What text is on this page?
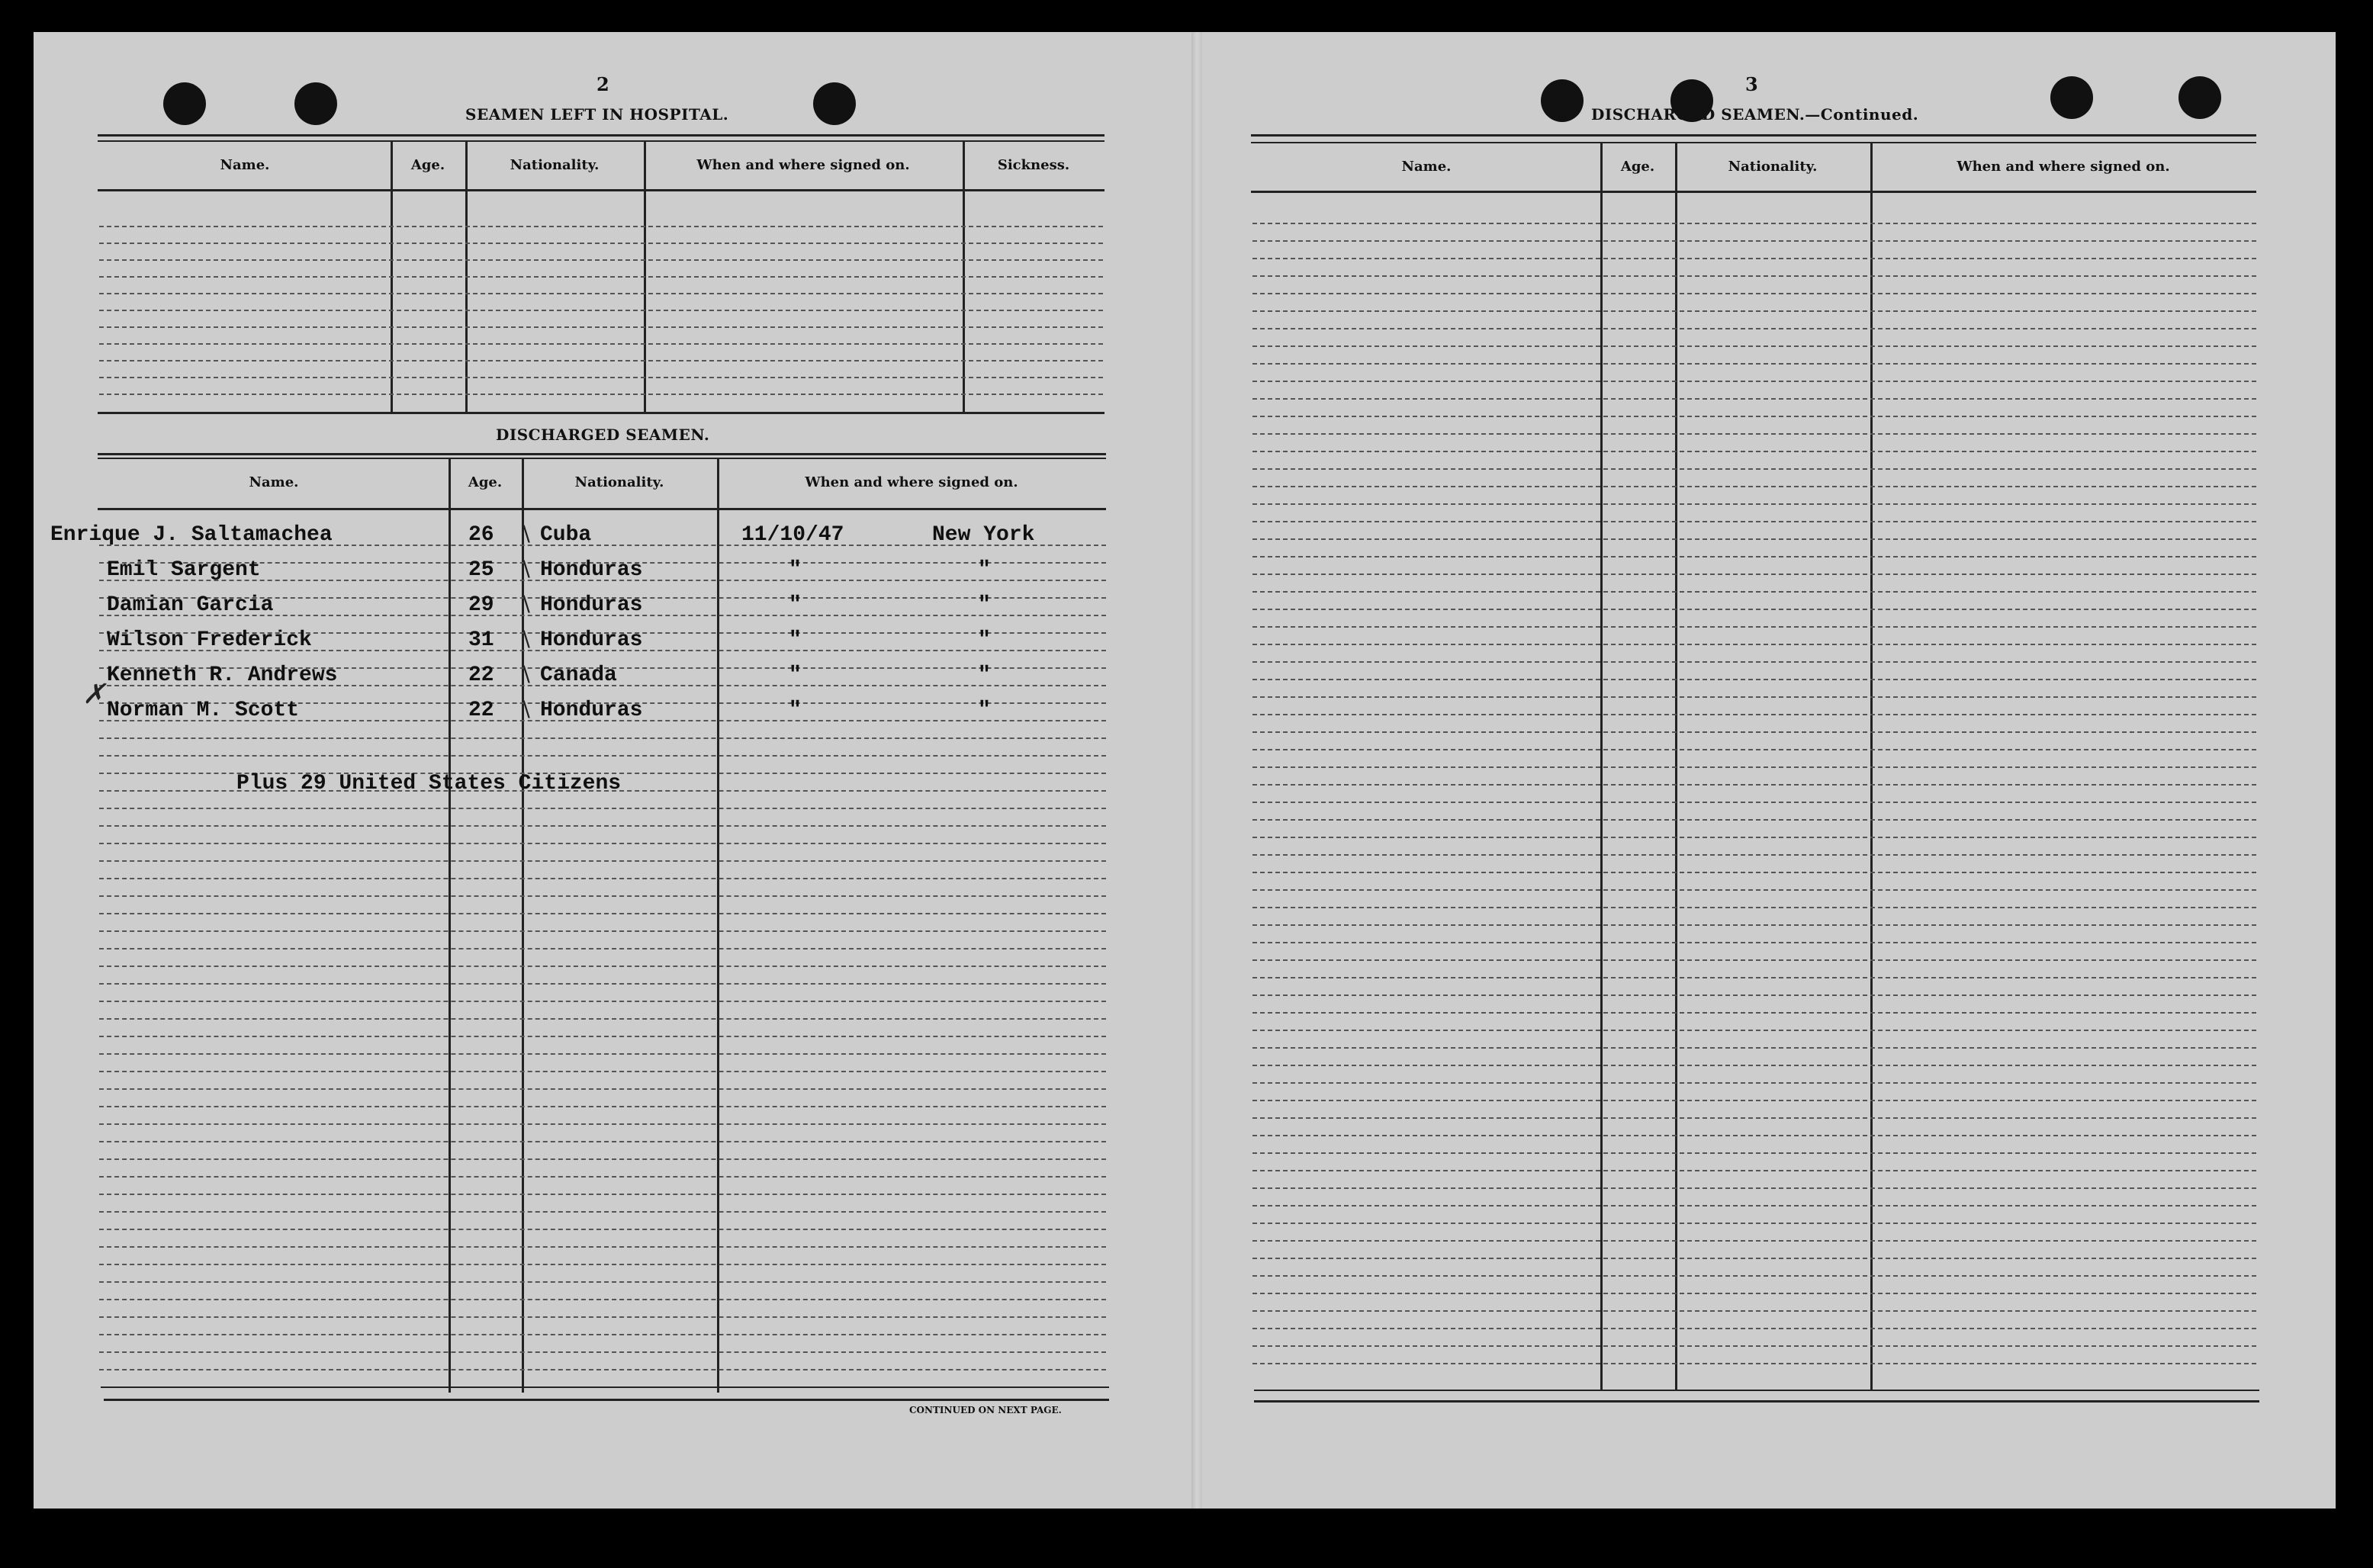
2
SEAMEN LEFT IN HOSPITAL.
Name.	Age.	Nationality.	When and where signed on.	Sickness.
DISCHARGED SEAMEN.
Name.	Age.	Nationality.	When and where signed on.
Enrique J. Saltamachea	26 Cuba	11/10/47	New York
∖
Emil Sargent	25 Honduras	"	"
∖
Damian Garcia	29 Honduras	"	"
∖
Wilson Frederick	31 Honduras	"	"
∖
Kenneth R. Andrews	22 Canada	"	"
∖
Norman M. Scott	22 Honduras	"	"
∖
✗
Plus 29 United States Citizens
CONTINUED ON NEXT PAGE.
3
DISCHARGED SEAMEN.—Continued.
Name.	Age.	Nationality.	When and where signed on.
